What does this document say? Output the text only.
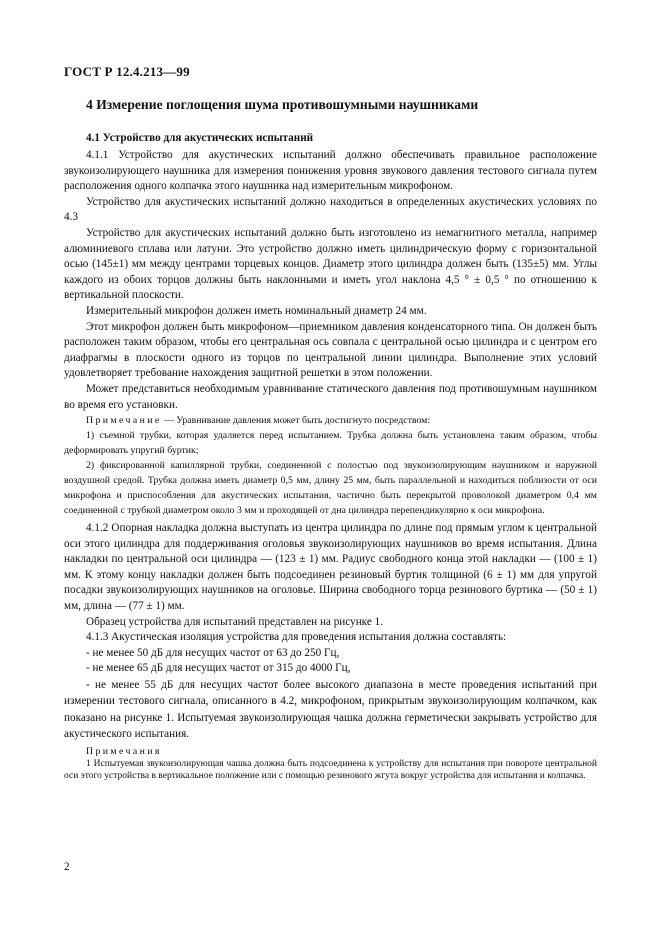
ГОСТ Р 12.4.213—99
4 Измерение поглощения шума противошумными наушниками
4.1 Устройство для акустических испытаний

4.1.1 Устройство для акустических испытаний должно обеспечивать правильное расположение звукоизолирующего наушника для измерения понижения уровня звукового давления тестового сигнала путем расположения одного колпачка этого наушника над измерительным микрофоном.

Устройство для акустических испытаний должно находиться в определенных акустических условиях по 4.3

Устройство для акустических испытаний должно быть изготовлено из немагнитного металла, например алюминиевого сплава или латуни. Это устройство должно иметь цилиндрическую форму с горизонтальной осью (145±1) мм между центрами торцевых концов. Диаметр этого цилиндра должен быть (135±5) мм. Углы каждого из обоих торцов должны быть наклонными и иметь угол наклона 4,5 ° ± 0,5 ° по отношению к вертикальной плоскости.

Измерительный микрофон должен иметь номинальный диаметр 24 мм.

Этот микрофон должен быть микрофоном—приемником давления конденсаторного типа. Он должен быть расположен таким образом, чтобы его центральная ось совпала с центральной осью цилиндра и с центром его диафрагмы в плоскости одного из торцов по центральной линии цилиндра. Выполнение этих условий удовлетворяет требование нахождения защитной решетки в этом положении.

Может представиться необходимым уравнивание статического давления под противошумным наушником во время его установки.

Примечание — Уравнивание давления может быть достигнуто посредством:

1) съемной трубки, которая удаляется перед испытанием. Трубка должна быть установлена таким образом, чтобы деформировать упругий буртик;

2) фиксированной капиллярной трубки, соединенной с полостью под звукоизолирующим наушником и наружной воздушной средой. Трубка должна иметь диаметр 0,5 мм, длину 25 мм, быть параллельной и находиться поблизости от оси микрофона и приспособления для акустических испытания, частично быть перекрытой проволокой диаметром 0,4 мм соединенной с трубкой диаметром около 3 мм и проходящей от дна цилиндра перепендикулярно к оси микрофона.

4.1.2 Опорная накладка должна выступать из центра цилиндра по длине под прямым углом к центральной оси этого цилиндра для поддерживания оголовья звукоизолирующих наушников во время испытания. Длина накладки по центральной оси цилиндра — (123 ± 1) мм. Радиус свободного конца этой накладки — (100 ± 1) мм. К этому концу накладки должен быть подсоединен резиновый буртик толщиной (6 ± 1) мм для упругой посадки звукоизолирующих наушников на оголовье. Ширина свободного торца резинового буртика — (50 ± 1) мм, длина — (77 ± 1) мм.

Образец устройства для испытаний представлен на рисунке 1.

4.1.3 Акустическая изоляция устройства для проведения испытания должна составлять:

- не менее 50 дБ для несущих частот от 63 до 250 Гц,

- не менее 65 дБ для несущих частот от 315 до 4000 Гц,

- не менее 55 дБ для несущих частот более высокого диапазона в месте проведения испытаний при измерении тестового сигнала, описанного в 4.2, микрофоном, прикрытым звукоизолирующим колпачком, как показано на рисунке 1. Испытуемая звукоизолирующая чашка должна герметически закрывать устройство для акустического испытания.

Примечания

1 Испытуемая звукоизолирующая чашка должна быть подсоединена к устройству для испытания при повороте центральной оси этого устройства в вертикальное положение или с помощью резинового жгута вокруг устройства для испытания и колпачка.

2
